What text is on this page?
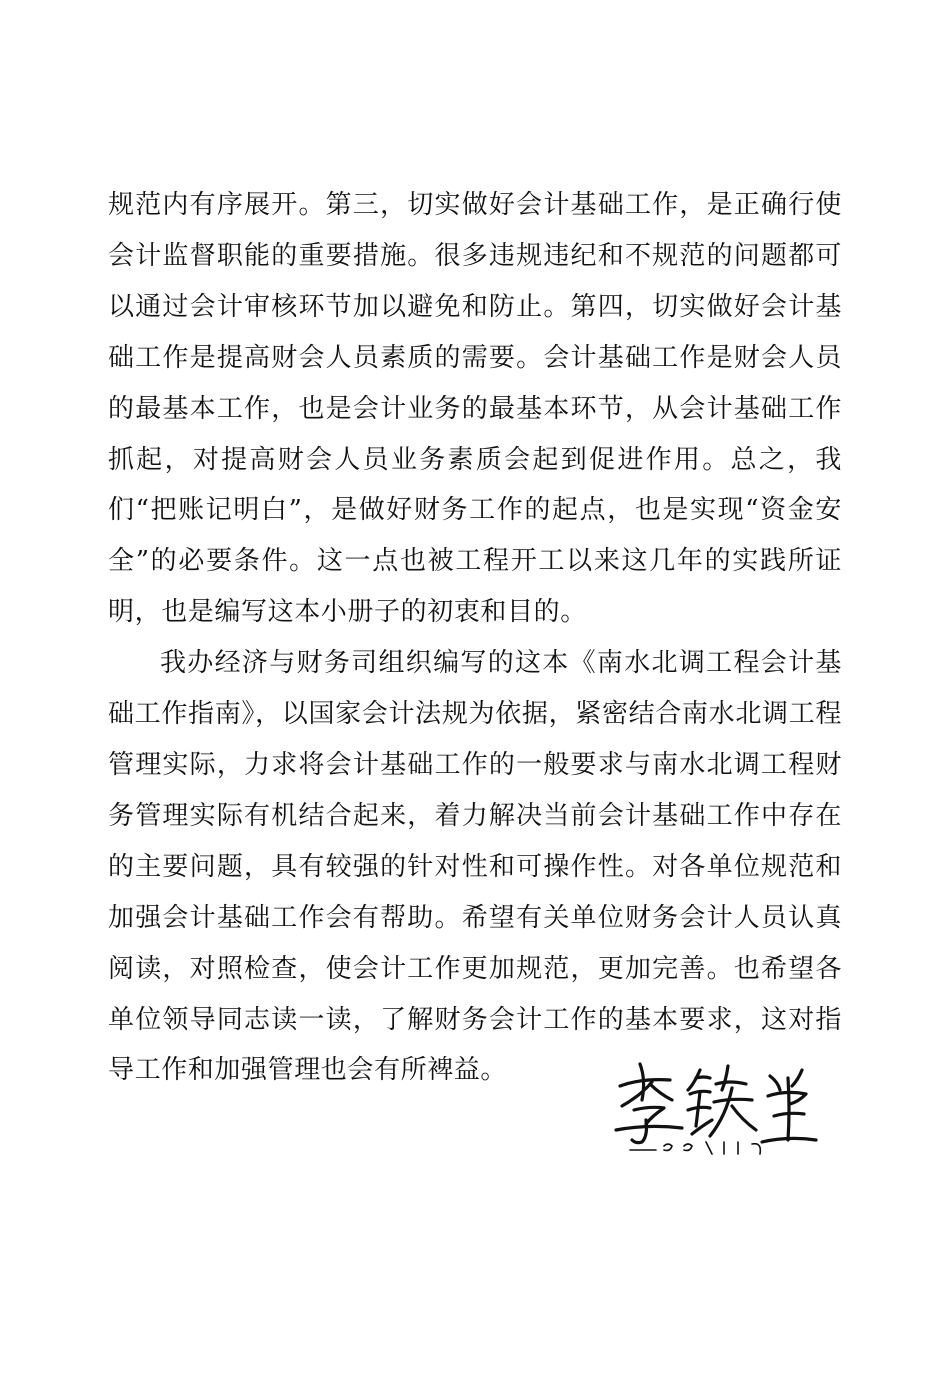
规范内有序展开。第三，切实做好会计基础工作，是正确行使会计监督职能的重要措施。很多违规违纪和不规范的问题都可以通过会计审核环节加以避免和防止。第四，切实做好会计基础工作是提高财会人员素质的需要。会计基础工作是财会人员的最基本工作，也是会计业务的最基本环节，从会计基础工作抓起，对提高财会人员业务素质会起到促进作用。总之，我们“把账记明白”，是做好财务工作的起点，也是实现“资金安全”的必要条件。这一点也被工程开工以来这几年的实践所证明，也是编写这本小册子的初衷和目的。

我办经济与财务司组织编写的这本《南水北调工程会计基础工作指南》，以国家会计法规为依据，紧密结合南水北调工程管理实际，力求将会计基础工作的一般要求与南水北调工程财务管理实际有机结合起来，着力解决当前会计基础工作中存在的主要问题，具有较强的针对性和可操作性。对各单位规范和加强会计基础工作会有帮助。希望有关单位财务会计人员认真阅读，对照检查，使会计工作更加规范，更加完善。也希望各单位领导同志读一读，了解财务会计工作的基本要求，这对指导工作和加强管理也会有所裨益。
